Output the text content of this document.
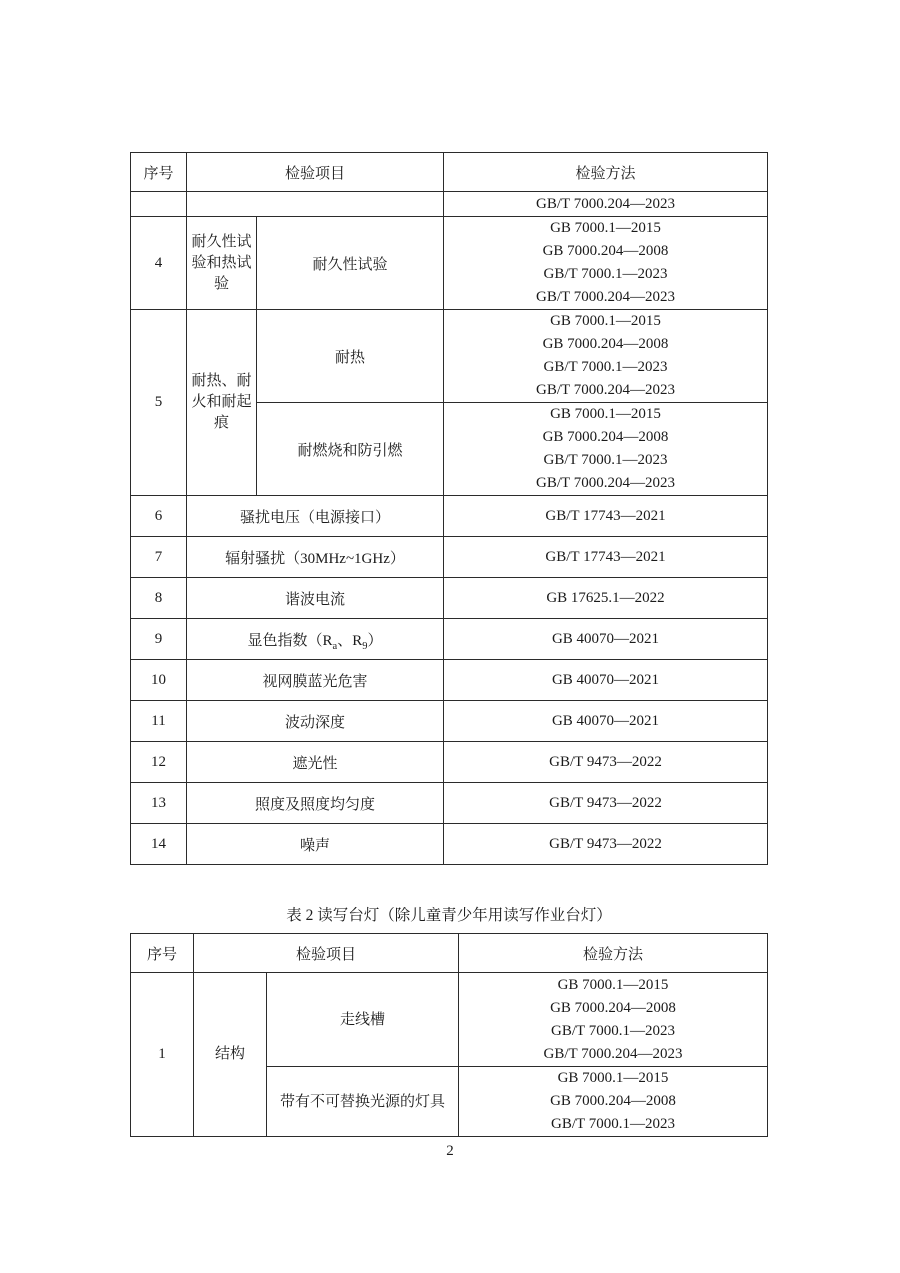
序号	检验项目		检验方法
			GB/T 7000.204—2023
4	耐久性试验和热试验	耐久性试验	GB 7000.1—2015
GB 7000.204—2008
GB/T 7000.1—2023
GB/T 7000.204—2023

5	耐热、耐火和耐起痕	耐热	GB 7000.1—2015
GB 7000.204—2008
GB/T 7000.1—2023
GB/T 7000.204—2023

		耐燃烧和防引燃	GB 7000.1—2015
GB 7000.204—2008
GB/T 7000.1—2023
GB/T 7000.204—2023

6	骚扰电压（电源接口）		GB/T 17743—2021
7	辐射骚扰（30MHz~1GHz）		GB/T 17743—2021
8	谐波电流		GB 17625.1—2022
9	显色指数（$R_a$、$R_9$）		GB 40070—2021
10	视网膜蓝光危害		GB 40070—2021
11	波动深度		GB 40070—2021
12	遮光性		GB/T 9473—2022
13	照度及照度均匀度		GB/T 9473—2022
14	噪声		GB/T 9473—2022
表 2 读写台灯（除儿童青少年用读写作业台灯）
序号	检验项目		检验方法
1	结构	走线槽	GB 7000.1—2015
GB 7000.204—2008
GB/T 7000.1—2023
GB/T 7000.204—2023

		带有不可替换光源的灯具	GB 7000.1—2015
GB 7000.204—2008
GB/T 7000.1—2023
2
